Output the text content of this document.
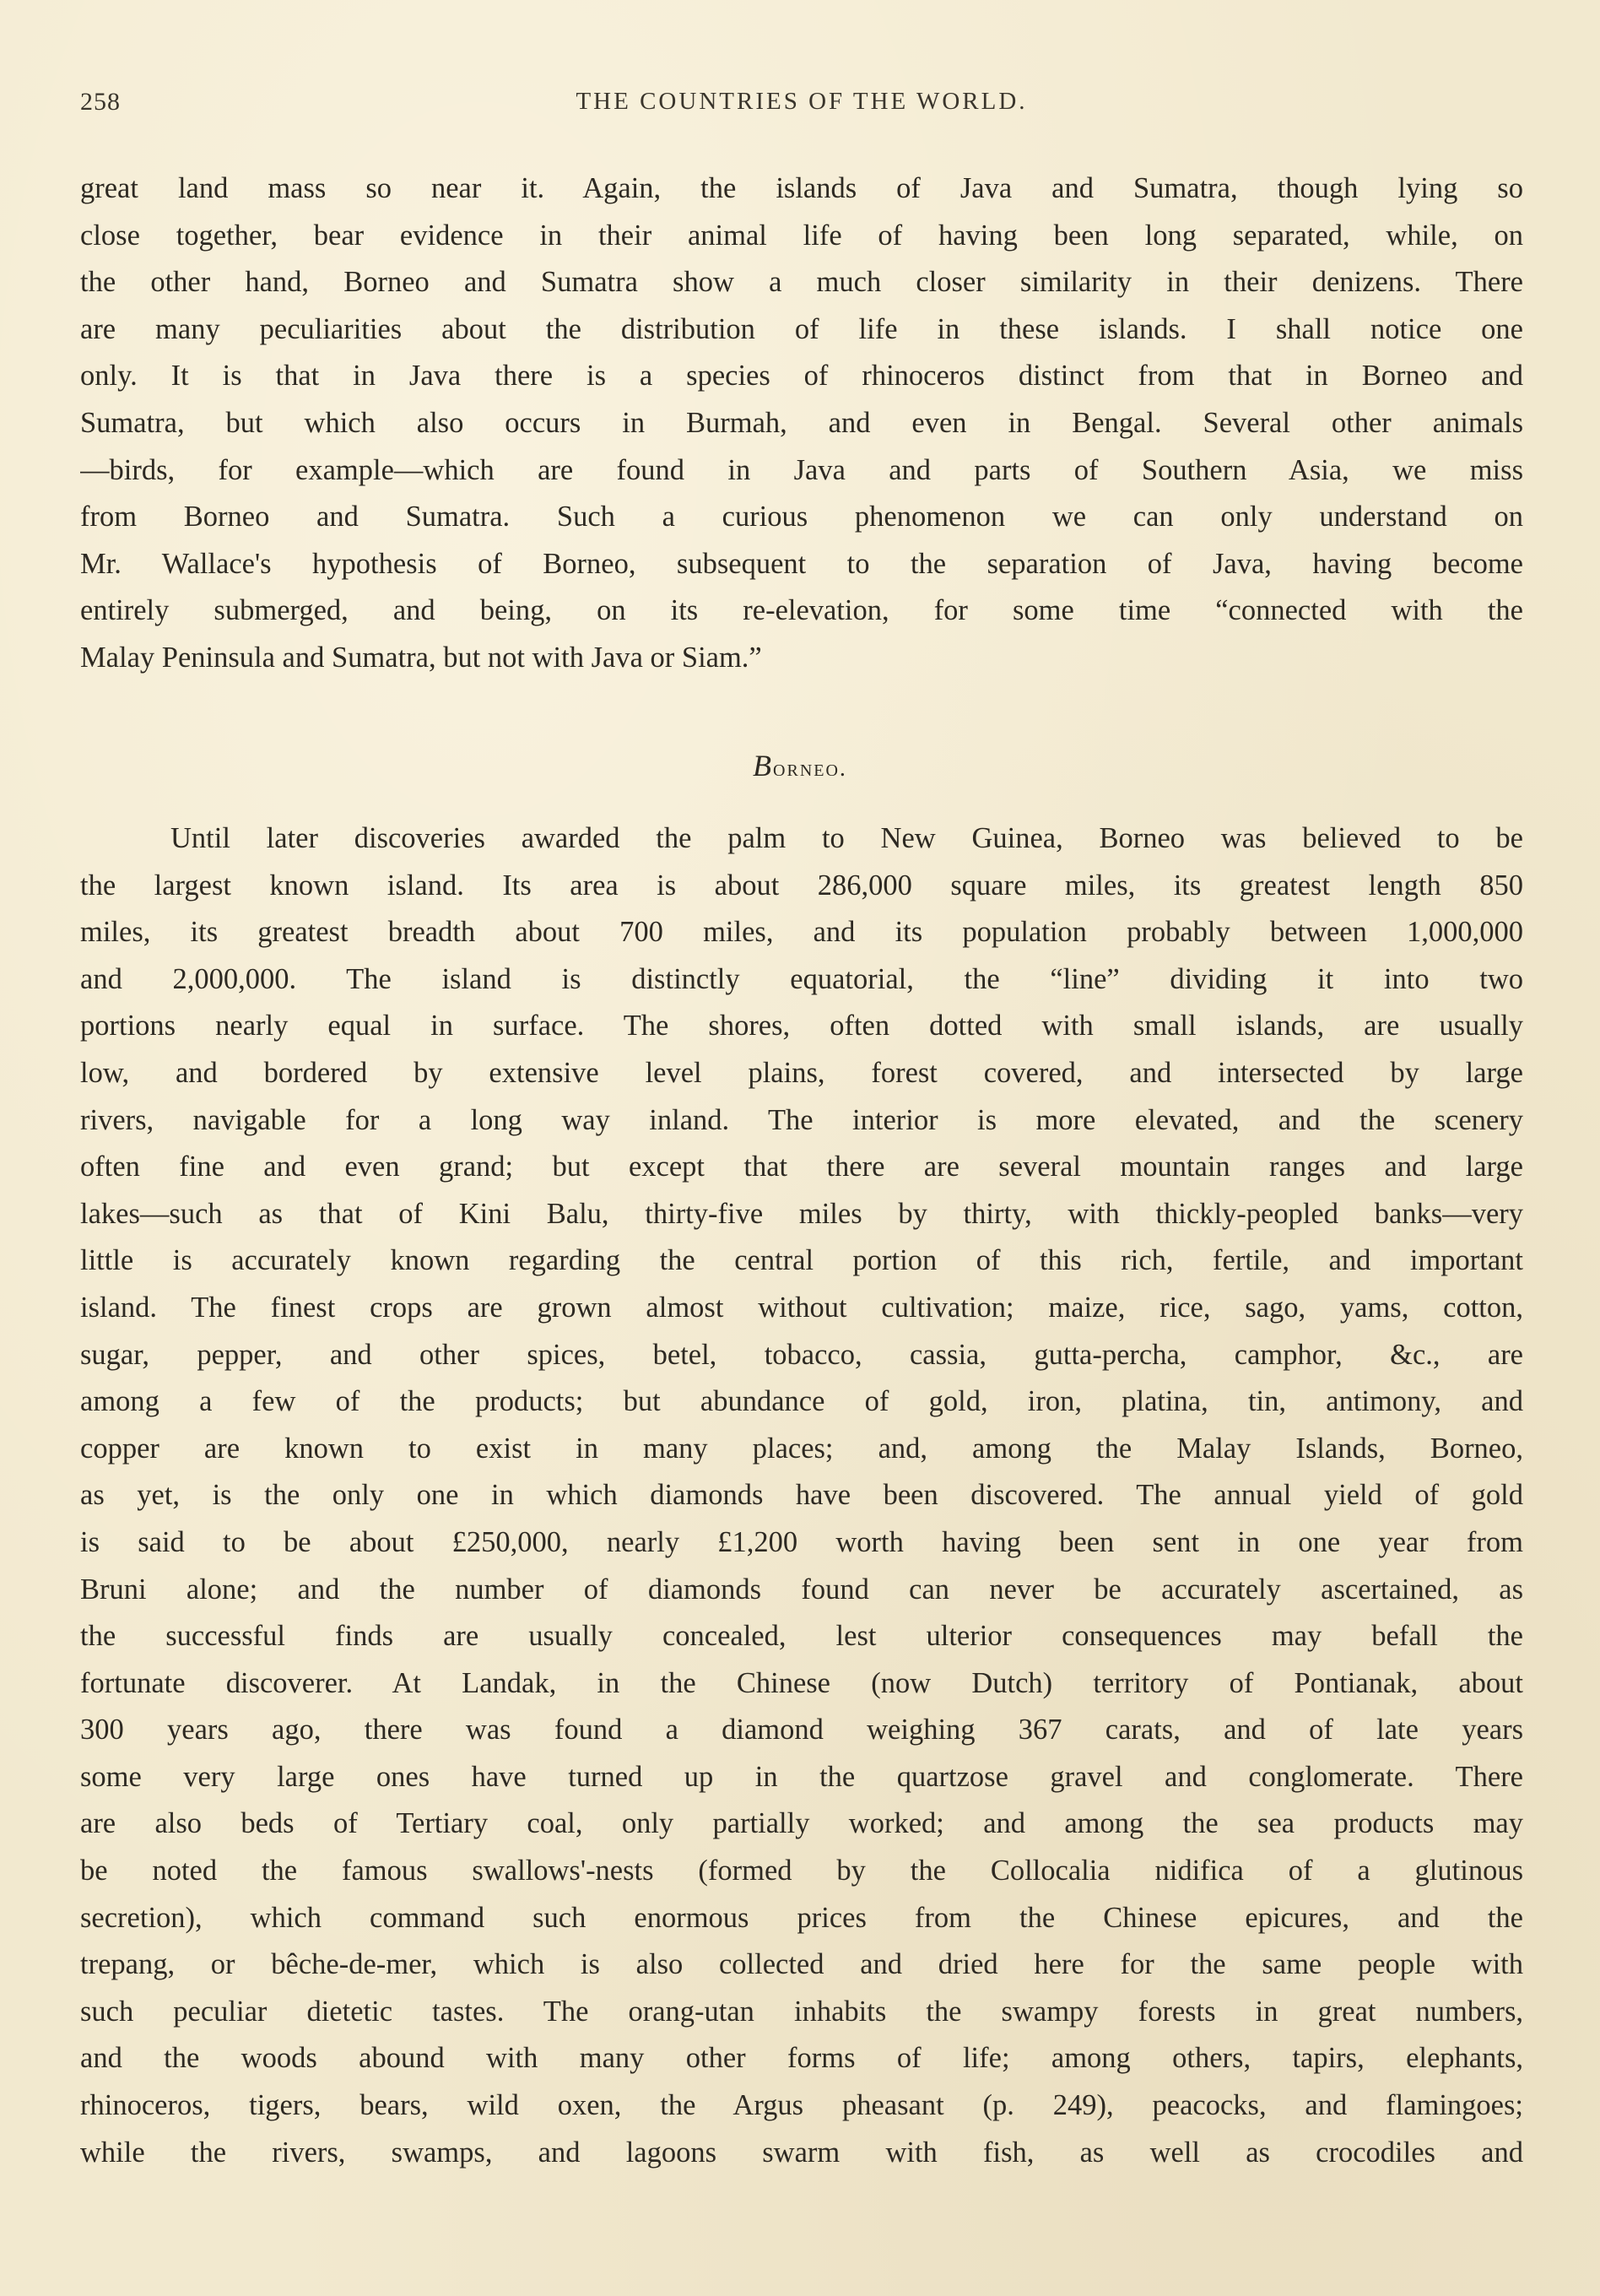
258	THE COUNTRIES OF THE WORLD.
great land mass so near it. Again, the islands of Java and Sumatra, though lying so
close together, bear evidence in their animal life of having been long separated, while, on
the other hand, Borneo and Sumatra show a much closer similarity in their denizens. There
are many peculiarities about the distribution of life in these islands. I shall notice one
only. It is that in Java there is a species of rhinoceros distinct from that in Borneo and
Sumatra, but which also occurs in Burmah, and even in Bengal. Several other animals
—birds, for example—which are found in Java and parts of Southern Asia, we miss
from Borneo and Sumatra. Such a curious phenomenon we can only understand on
Mr. Wallace's hypothesis of Borneo, subsequent to the separation of Java, having become
entirely submerged, and being, on its re-elevation, for some time “connected with the
Malay Peninsula and Sumatra, but not with Java or Siam.”
Borneo.
Until later discoveries awarded the palm to New Guinea, Borneo was believed to be
the largest known island. Its area is about 286,000 square miles, its greatest length 850
miles, its greatest breadth about 700 miles, and its population probably between 1,000,000
and 2,000,000. The island is distinctly equatorial, the “line” dividing it into two
portions nearly equal in surface. The shores, often dotted with small islands, are usually
low, and bordered by extensive level plains, forest covered, and intersected by large
rivers, navigable for a long way inland. The interior is more elevated, and the scenery
often fine and even grand; but except that there are several mountain ranges and large
lakes—such as that of Kini Balu, thirty-five miles by thirty, with thickly-peopled banks—very
little is accurately known regarding the central portion of this rich, fertile, and important
island. The finest crops are grown almost without cultivation; maize, rice, sago, yams, cotton,
sugar, pepper, and other spices, betel, tobacco, cassia, gutta-percha, camphor, &c., are
among a few of the products; but abundance of gold, iron, platina, tin, antimony, and
copper are known to exist in many places; and, among the Malay Islands, Borneo,
as yet, is the only one in which diamonds have been discovered. The annual yield of gold
is said to be about £250,000, nearly £1,200 worth having been sent in one year from
Bruni alone; and the number of diamonds found can never be accurately ascertained, as
the successful finds are usually concealed, lest ulterior consequences may befall the
fortunate discoverer. At Landak, in the Chinese (now Dutch) territory of Pontianak, about
300 years ago, there was found a diamond weighing 367 carats, and of late years
some very large ones have turned up in the quartzose gravel and conglomerate. There
are also beds of Tertiary coal, only partially worked; and among the sea products may
be noted the famous swallows'-nests (formed by the Collocalia nidifica of a glutinous
secretion), which command such enormous prices from the Chinese epicures, and the
trepang, or bêche-de-mer, which is also collected and dried here for the same people with
such peculiar dietetic tastes. The orang-utan inhabits the swampy forests in great numbers,
and the woods abound with many other forms of life; among others, tapirs, elephants,
rhinoceros, tigers, bears, wild oxen, the Argus pheasant (p. 249), peacocks, and flamingoes;
while the rivers, swamps, and lagoons swarm with fish, as well as crocodiles and
